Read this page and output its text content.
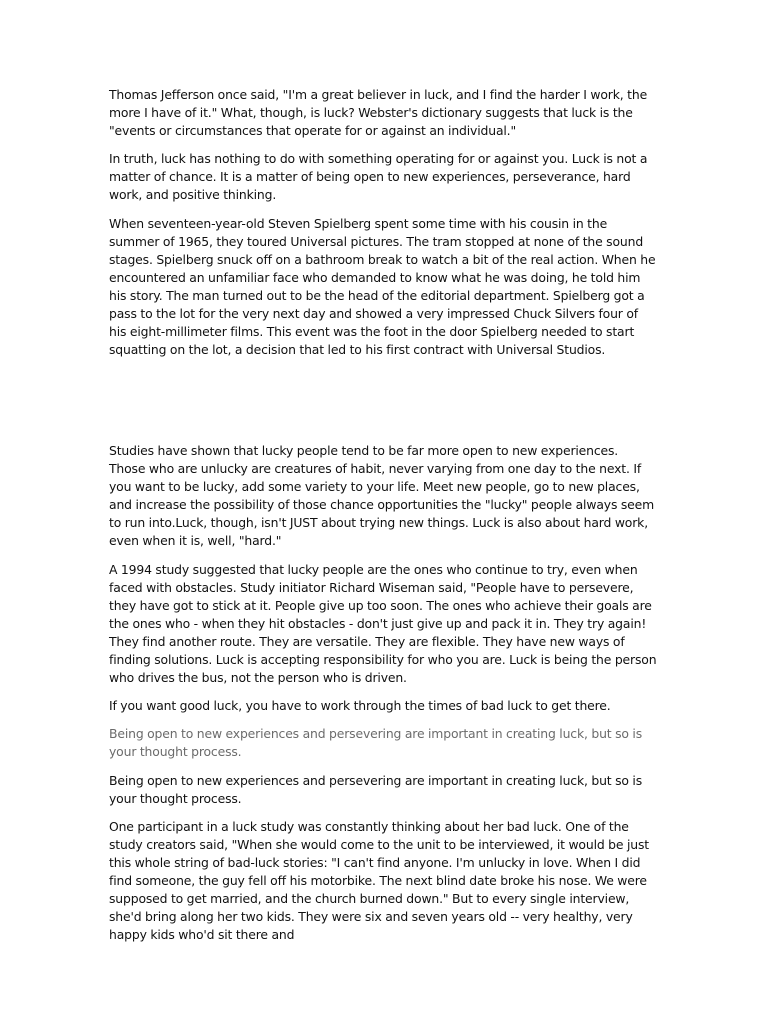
Thomas Jefferson once said, "I'm a great believer in luck, and I find the harder I work, the more I have of it." What, though, is luck? Webster's dictionary suggests that luck is the "events or circumstances that operate for or against an individual."

In truth, luck has nothing to do with something operating for or against you. Luck is not a matter of chance. It is a matter of being open to new experiences, perseverance, hard work, and positive thinking.

When seventeen-year-old Steven Spielberg spent some time with his cousin in the summer of 1965, they toured Universal pictures. The tram stopped at none of the sound stages. Spielberg snuck off on a bathroom break to watch a bit of the real action. When he encountered an unfamiliar face who demanded to know what he was doing, he told him his story. The man turned out to be the head of the editorial department. Spielberg got a pass to the lot for the very next day and showed a very impressed Chuck Silvers four of his eight-millimeter films. This event was the foot in the door Spielberg needed to start squatting on the lot, a decision that led to his first contract with Universal Studios.

Studies have shown that lucky people tend to be far more open to new experiences. Those who are unlucky are creatures of habit, never varying from one day to the next. If you want to be lucky, add some variety to your life. Meet new people, go to new places, and increase the possibility of those chance opportunities the "lucky" people always seem to run into.Luck, though, isn't JUST about trying new things. Luck is also about hard work, even when it is, well, "hard."

A 1994 study suggested that lucky people are the ones who continue to try, even when faced with obstacles. Study initiator Richard Wiseman said, "People have to persevere, they have got to stick at it. People give up too soon. The ones who achieve their goals are the ones who - when they hit obstacles - don't just give up and pack it in. They try again! They find another route. They are versatile. They are flexible. They have new ways of finding solutions. Luck is accepting responsibility for who you are. Luck is being the person who drives the bus, not the person who is driven.

If you want good luck, you have to work through the times of bad luck to get there.

Being open to new experiences and persevering are important in creating luck, but so is your thought process.

Being open to new experiences and persevering are important in creating luck, but so is your thought process.

One participant in a luck study was constantly thinking about her bad luck. One of the study creators said, "When she would come to the unit to be interviewed, it would be just this whole string of bad-luck stories: "I can't find anyone. I'm unlucky in love. When I did find someone, the guy fell off his motorbike. The next blind date broke his nose. We were supposed to get married, and the church burned down." But to every single interview, she'd bring along her two kids. They were six and seven years old -- very healthy, very happy kids who'd sit there and
